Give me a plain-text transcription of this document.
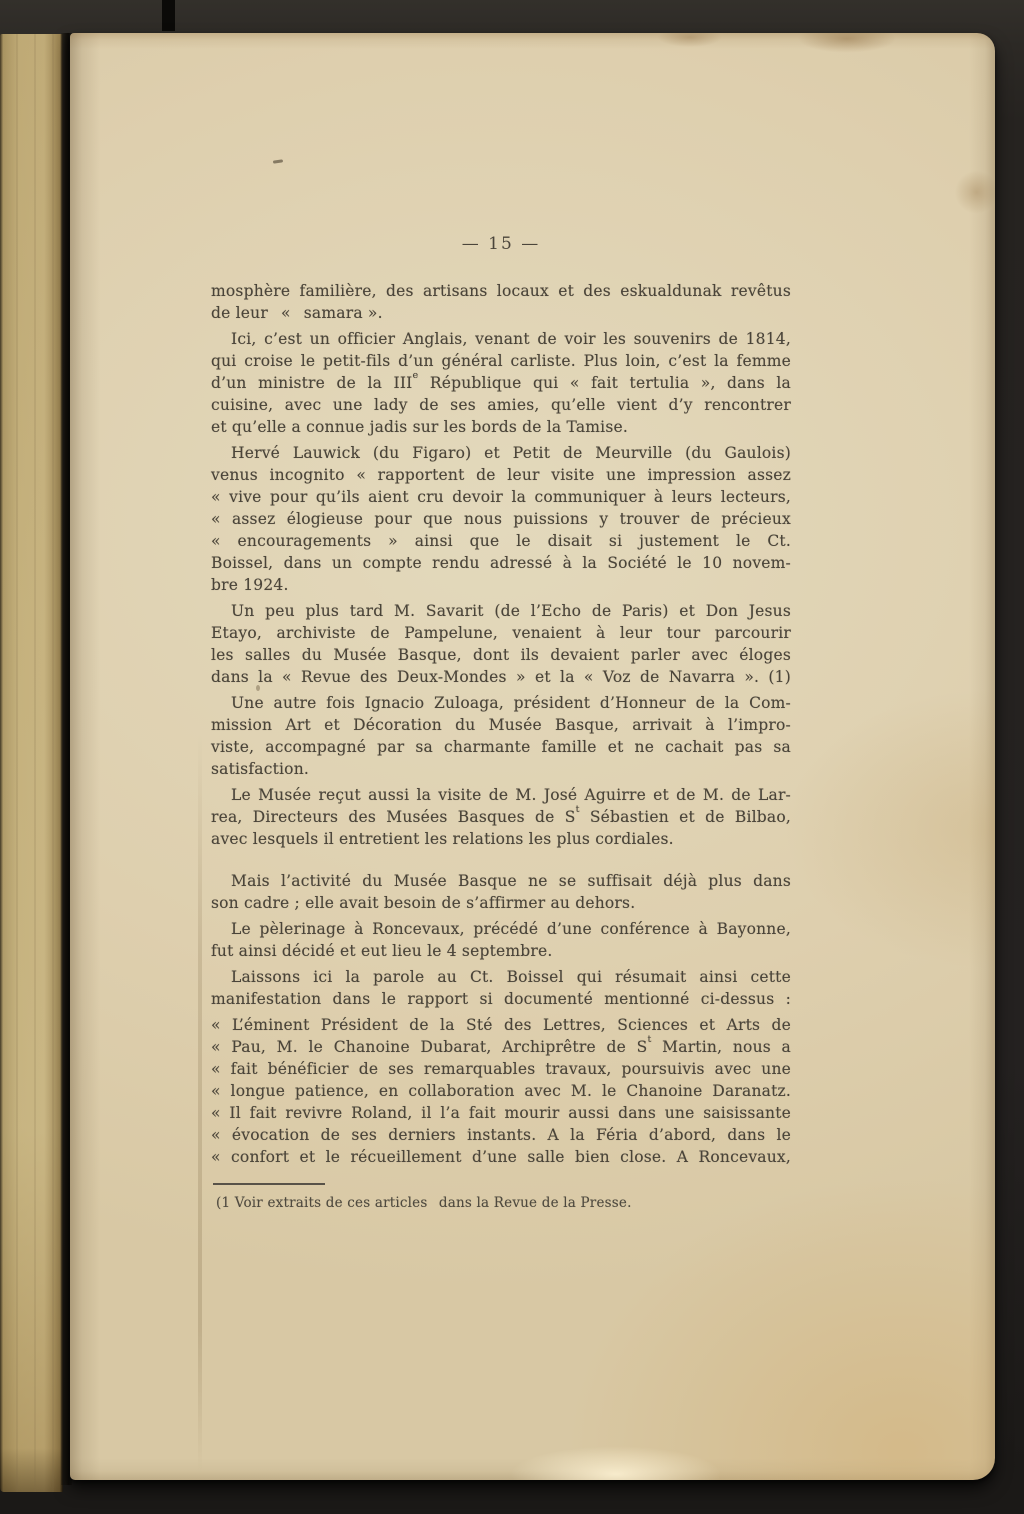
— 15 —
mosphère familière, des artisans locaux et des eskualdunak revêtus
de leur  «  samara ».
Ici, c’est un officier Anglais, venant de voir les souvenirs de 1814,
qui croise le petit-fils d’un général carliste. Plus loin, c’est la femme
d’un ministre de la IIIe République qui « fait tertulia », dans la
cuisine, avec une lady de ses amies, qu’elle vient d’y rencontrer
et qu’elle a connue jadis sur les bords de la Tamise.
Hervé Lauwick (du Figaro) et Petit de Meurville (du Gaulois)
venus incognito « rapportent de leur visite une impression assez
« vive pour qu’ils aient cru devoir la communiquer à leurs lecteurs,
« assez élogieuse pour que nous puissions y trouver de précieux
« encouragements » ainsi que le disait si justement le Ct.
Boissel, dans un compte rendu adressé à la Société le 10 novem-
bre 1924.
Un peu plus tard M. Savarit (de l’Echo de Paris) et Don Jesus
Etayo, archiviste de Pampelune, venaient à leur tour parcourir
les salles du Musée Basque, dont ils devaient parler avec éloges
dans la « Revue des Deux-Mondes » et la « Voz de Navarra ». (1)
Une autre fois Ignacio Zuloaga, président d’Honneur de la Com-
mission Art et Décoration du Musée Basque, arrivait à l’impro-
viste, accompagné par sa charmante famille et ne cachait pas sa
satisfaction.
Le Musée reçut aussi la visite de M. José Aguirre et de M. de Lar-
rea, Directeurs des Musées Basques de $S^t$ Sébastien et de Bilbao,
avec lesquels il entretient les relations les plus cordiales.
Mais l’activité du Musée Basque ne se suffisait déjà plus dans
son cadre ; elle avait besoin de s’affirmer au dehors.
Le pèlerinage à Roncevaux, précédé d’une conférence à Bayonne,
fut ainsi décidé et eut lieu le 4 septembre.
Laissons ici la parole au Ct. Boissel qui résumait ainsi cette
manifestation dans le rapport si documenté mentionné ci-dessus :
« L’éminent Président de la Sté des Lettres, Sciences et Arts de
« Pau, M. le Chanoine Dubarat, Archiprêtre de $S^t$ Martin, nous a
« fait bénéficier de ses remarquables travaux, poursuivis avec une
« longue patience, en collaboration avec M. le Chanoine Daranatz.
« Il fait revivre Roland, il l’a fait mourir aussi dans une saisissante
« évocation de ses derniers instants. A la Féria d’abord, dans le
« confort et le récueillement d’une salle bien close. A Roncevaux,
(1 Voir extraits de ces articles  dans la Revue de la Presse.
